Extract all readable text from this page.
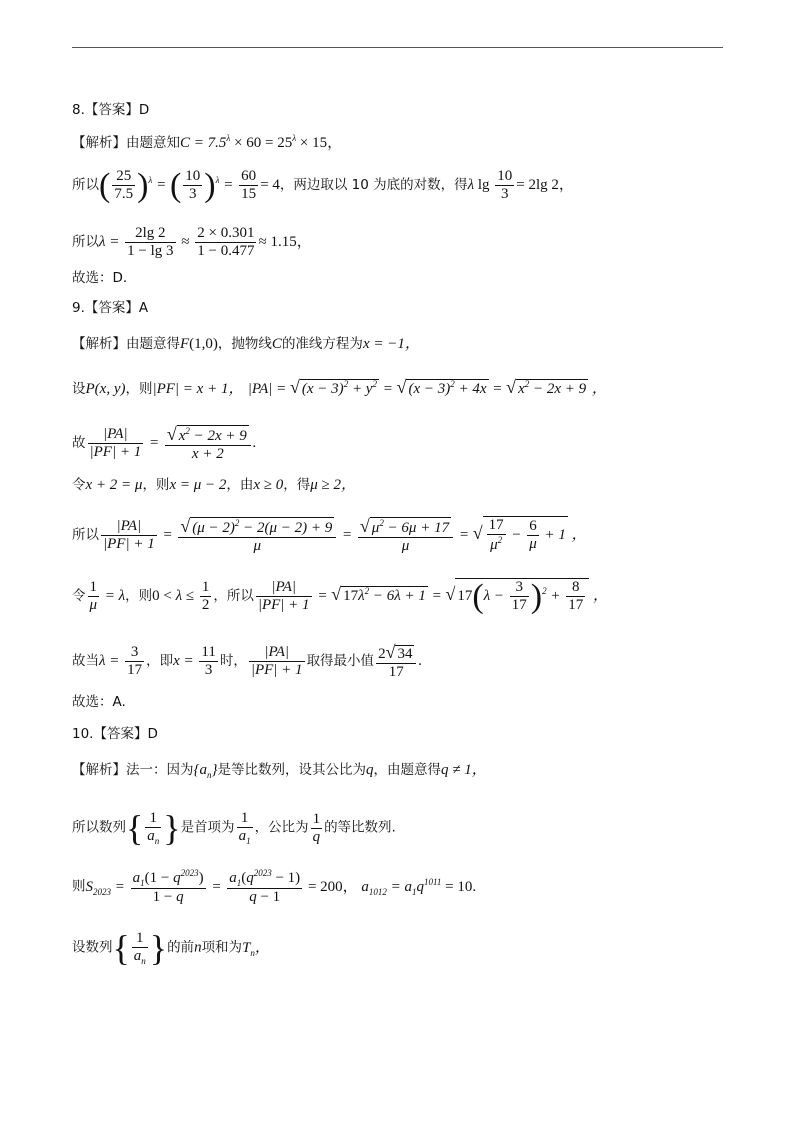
8.【答案】D
【解析】由题意知$C = 7.5^\lambda \times 60 = 25^\lambda \times 15$，
所以( $\frac{25}{7.5} )^\lambda$ = ( $\frac{10}{3} )^\lambda = \frac{60}{15} = 4$，两边取以 10 为底的对数，得λ $\lg \frac{10}{3} = 2\lg$ 2，
所以$\lambda = \frac{2\lg 2}{1 - \lg 3} \approx \frac{2 \times 0.301}{1 - 0.477} \approx 1.15$，
故选：D.
9.【答案】A
【解析】由题意得F(1,0)，抛物线C的准线方程为x = −1，
设P(x, y)，则|PF| = x + 1， |PA| = √ $(x - 3)^2 + y^2$ = √ $(x - 3)^2 + 4x$ = √ $x^2 - 2x + 9$ ，
故 $\frac{|PA|}{|PF| + 1} = \frac{√ x^2 - 2x + 9}{x + 2}$ .
令x + 2 = μ，则x = μ − 2，由x ≥ 0，得μ ≥ 2，
所以 $\frac{|PA|}{|PF| + 1} = \frac{√ (\mu - 2)^2 - 2(\mu - 2) + 9}{\mu} = \frac{√ \mu^2 - 6\mu + 17}{\mu}$ = √ $\frac{17}{\mu^2} - \frac{6}{\mu} + 1$ ，
令 $\frac{1}{\mu} = \lambda$，则$0 < \lambda \le \frac{1}{2}$ ，所以 $\frac{|PA|}{|PF| + 1}$ = √ $17\lambda^2 - 6\lambda + 1$ = √ $17(\lambda - \frac{3}{17} )^2 + \frac{8}{17}$ ，
故当$\lambda = \frac{3}{17}$ ，即$x = \frac{11}{3}$ 时， $\frac{|PA|}{|PF| + 1}$ 取得最小值 $\frac{2√ 34}{17}$ .
故选：A.
10.【答案】D
【解析】法一：因为$\{a_n\}$是等比数列，设其公比为q，由题意得q ≠ 1，
所以数列{ $\frac{1}{a_n}$ }是首项为 $\frac{1}{a_1}$ ，公比为 $\frac{1}{q}$ 的等比数列.
则$S_{2023} = \frac{a_1(1 - q^{2023})}{1 - q} = \frac{a_1(q^{2023} - 1)}{q - 1} = 200$， $a_{1012} = a_1q^{1011} = 10$.
设数列{ $\frac{1}{a_n}$ }的前n项和为$T_n$，
